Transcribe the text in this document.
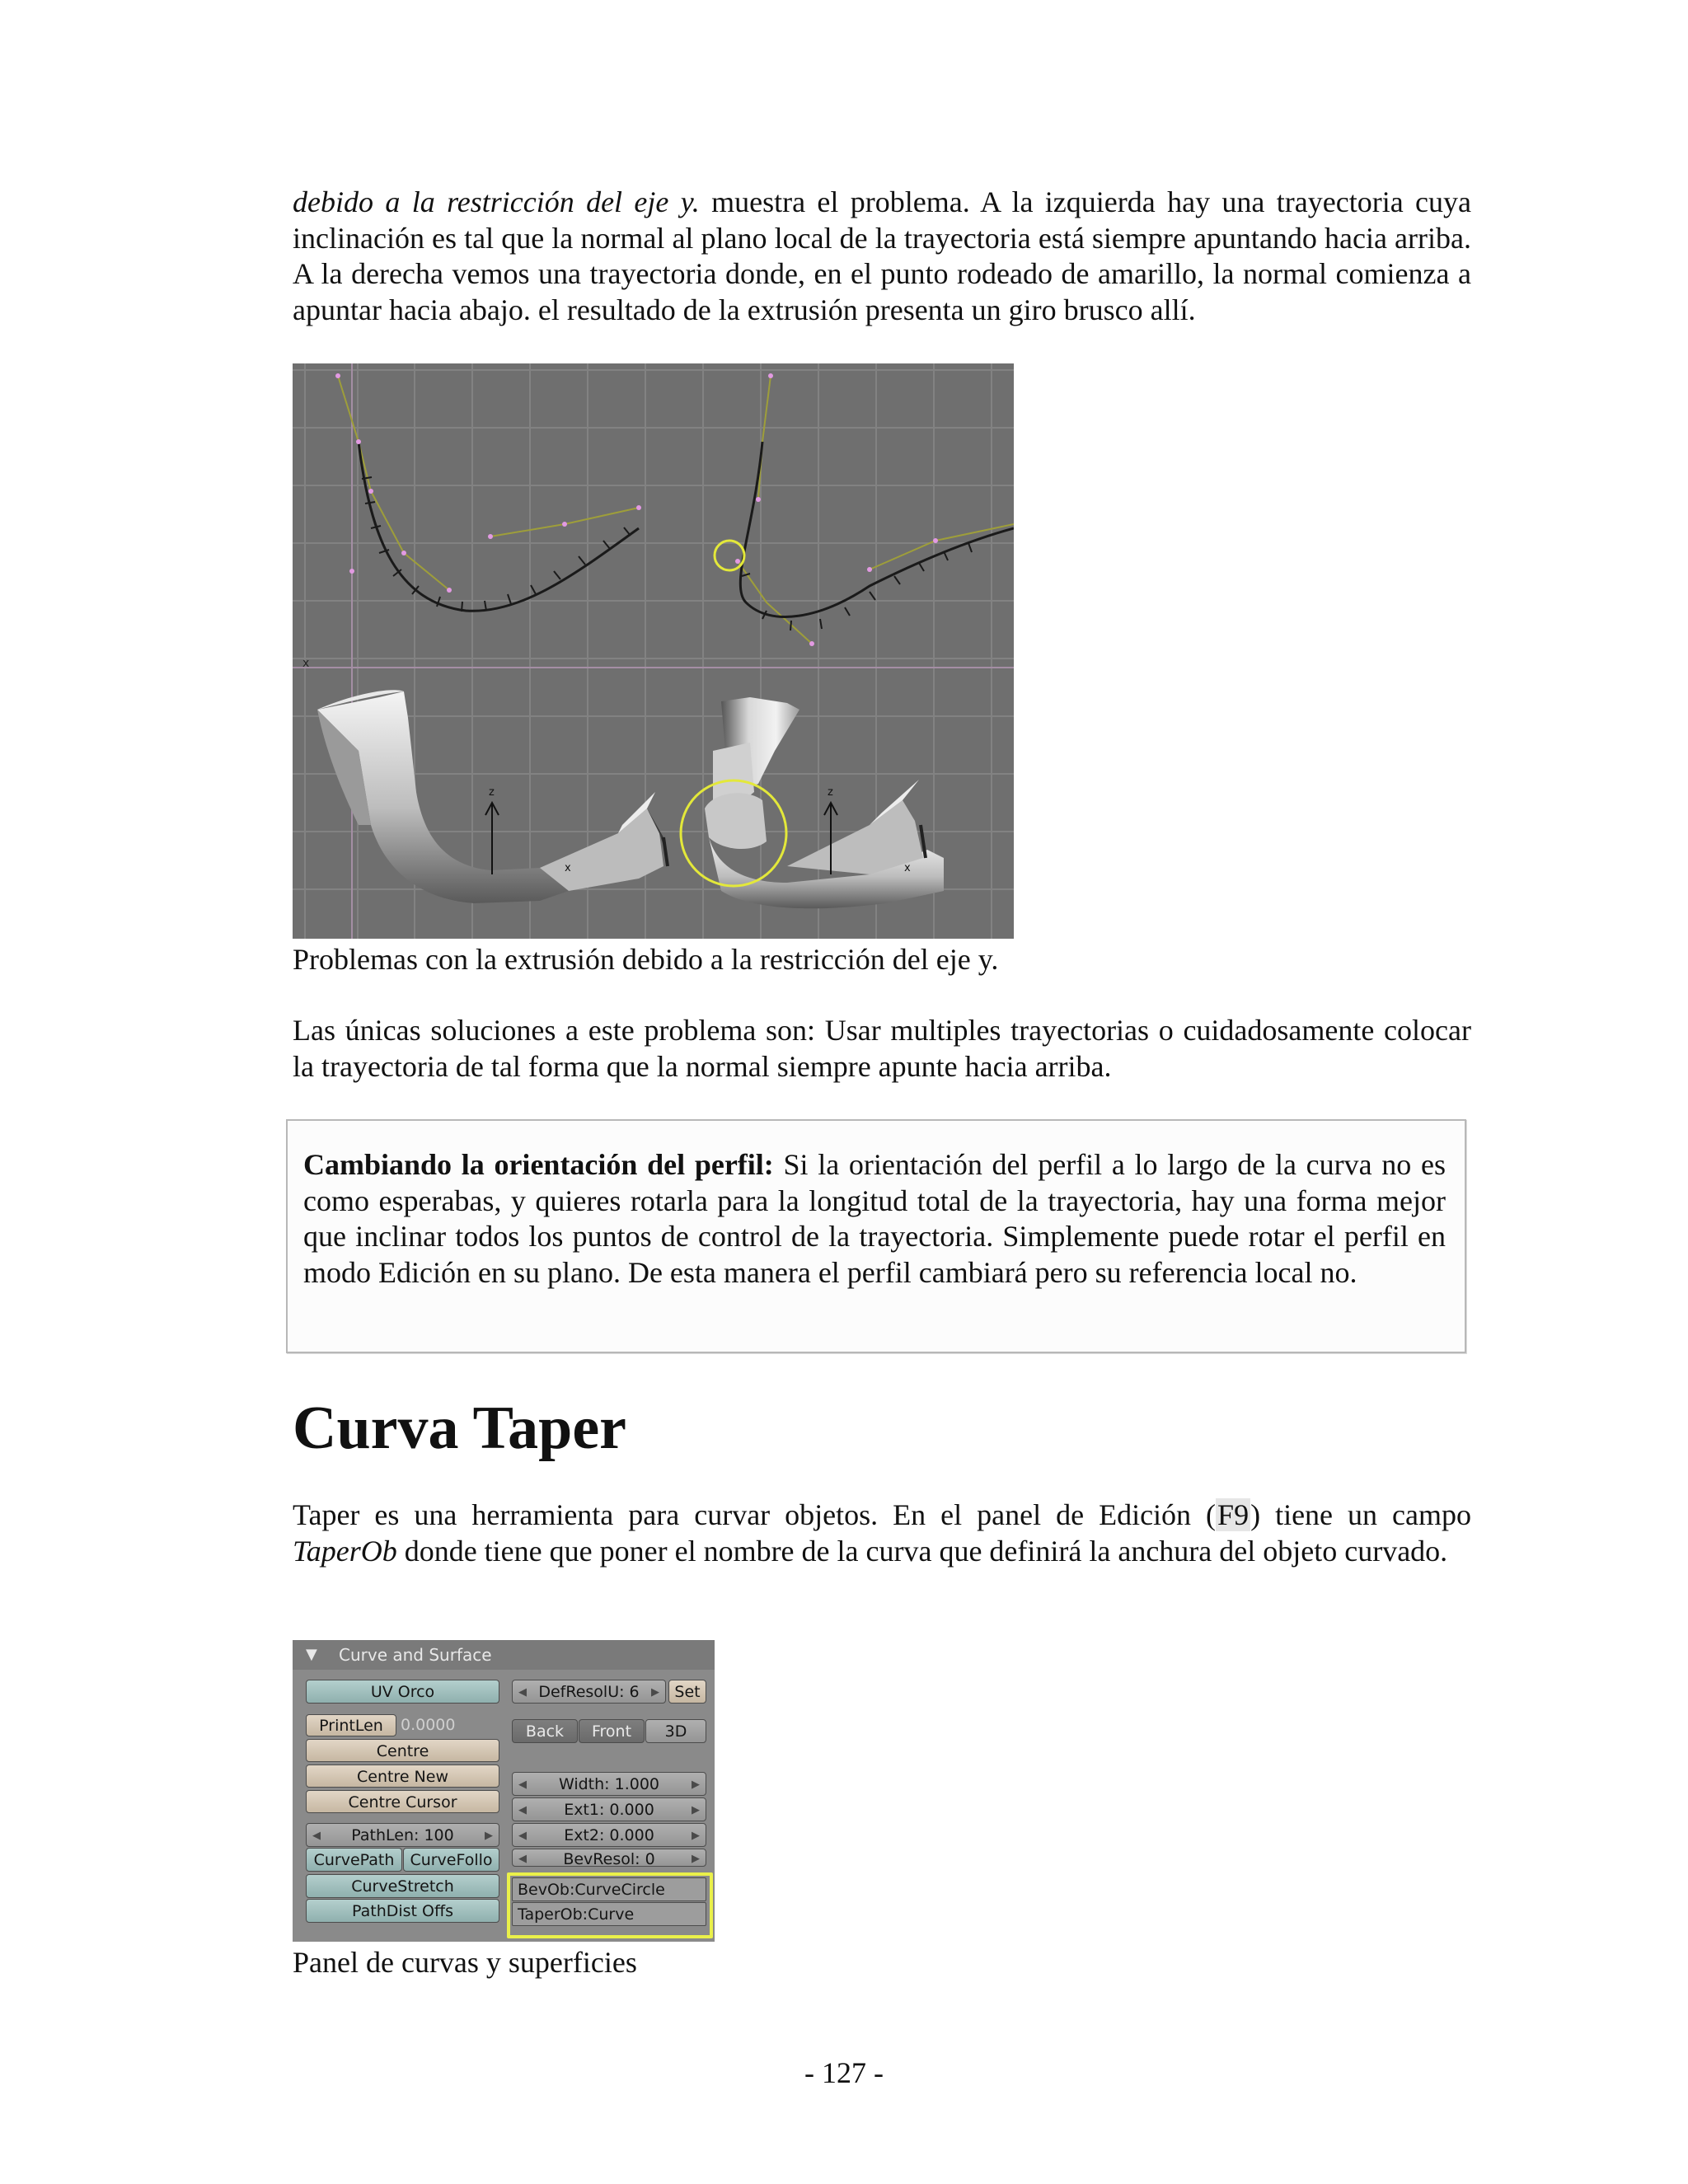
debido a la restricción del eje y. muestra el problema. A la izquierda hay una trayectoria cuya inclinación es tal que la normal al plano local de la trayectoria está siempre apuntando hacia arriba. A la derecha vemos una trayectoria donde, en el punto rodeado de amarillo, la normal comienza a apuntar hacia abajo. el resultado de la extrusión presenta un giro brusco allí.

x
z	z
x	x
Problemas con la extrusión debido a la restricción del eje y.

Las únicas soluciones a este problema son: Usar multiples trayectorias o cuidadosamente colocar la trayectoria de tal forma que la normal siempre apunte hacia arriba.

Cambiando la orientación del perfil: Si la orientación del perfil a lo largo de la curva no es como esperabas, y quieres rotarla para la longitud total de la trayectoria, hay una forma mejor que inclinar todos los puntos de control de la trayectoria. Simplemente puede rotar el perfil en modo Edición en su plano. De esta manera el perfil cambiará pero su referencia local no.

Curva Taper

Taper es una herramienta para curvar objetos. En el panel de Edición (F9) tiene un campo TaperOb donde tiene que poner el nombre de la curva que definirá la anchura del objeto curvado.

▼ Curve and Surface
UV Orco
PrintLen	0.0000
Centre
Centre New
Centre Cursor
◀ PathLen: 100	▶
CurvePath	CurveFollo
CurveStretch
PathDist Offs
◀ DefResolU: 6 ▶ Set
Back	Front	3D
◀ Width: 1.000	▶
◀ Ext1: 0.000	▶
◀ Ext2: 0.000	▶
◀ BevResol: 0	▶
BevOb:CurveCircle
TaperOb:Curve
Panel de curvas y superficies
- 127 -
